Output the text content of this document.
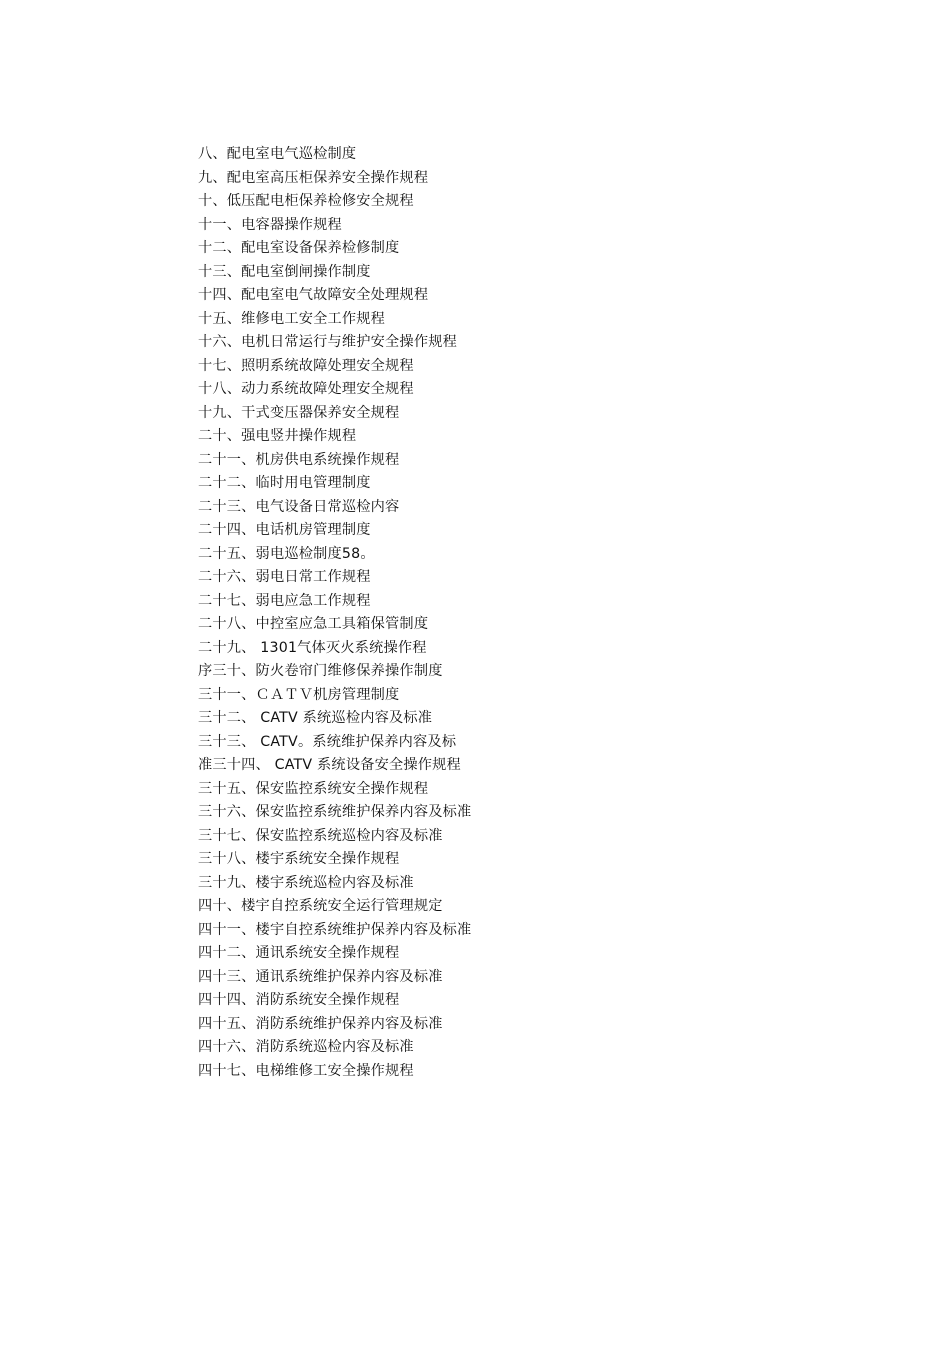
八、配电室电气巡检制度
九、配电室高压柜保养安全操作规程
十、低压配电柜保养检修安全规程
十一、电容器操作规程
十二、配电室设备保养检修制度
十三、配电室倒闸操作制度
十四、配电室电气故障安全处理规程
十五、维修电工安全工作规程
十六、电机日常运行与维护安全操作规程
十七、照明系统故障处理安全规程
十八、动力系统故障处理安全规程
十九、干式变压器保养安全规程
二十、强电竖井操作规程
二十一、机房供电系统操作规程
二十二、临时用电管理制度
二十三、电气设备日常巡检内容
二十四、电话机房管理制度
二十五、弱电巡检制度58。
二十六、弱电日常工作规程
二十七、弱电应急工作规程
二十八、中控室应急工具箱保管制度
二十九、 1301气体灭火系统操作程
序三十、防火卷帘门维修保养操作制度
三十一、ＣＡＴＶ机房管理制度
三十二、 CATV 系统巡检内容及标准
三十三、 CATV。系统维护保养内容及标
准三十四、 CATV 系统设备安全操作规程
三十五、保安监控系统安全操作规程
三十六、保安监控系统维护保养内容及标准
三十七、保安监控系统巡检内容及标准
三十八、楼宇系统安全操作规程
三十九、楼宇系统巡检内容及标准
四十、楼宇自控系统安全运行管理规定
四十一、楼宇自控系统维护保养内容及标准
四十二、通讯系统安全操作规程
四十三、通讯系统维护保养内容及标准
四十四、消防系统安全操作规程
四十五、消防系统维护保养内容及标准
四十六、消防系统巡检内容及标准
四十七、电梯维修工安全操作规程
